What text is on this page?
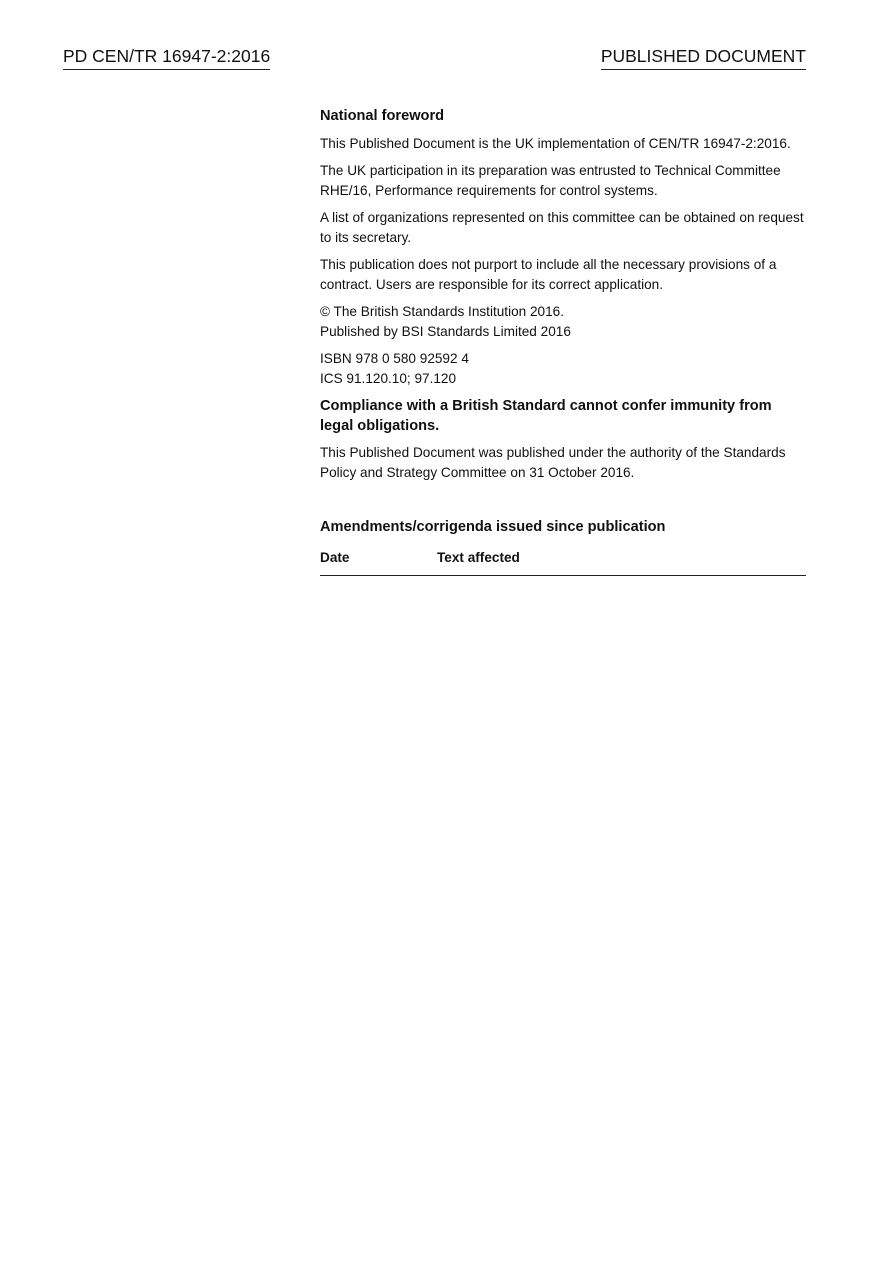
PD CEN/TR 16947-2:2016	PUBLISHED DOCUMENT
National foreword

This Published Document is the UK implementation of CEN/TR 16947-2:2016.

The UK participation in its preparation was entrusted to Technical Committee RHE/16, Performance requirements for control systems.

A list of organizations represented on this committee can be obtained on request to its secretary.

This publication does not purport to include all the necessary provisions of a contract. Users are responsible for its correct application.

© The British Standards Institution 2016.
Published by BSI Standards Limited 2016
ISBN 978 0 580 92592 4
ICS 91.120.10; 97.120
Compliance with a British Standard cannot confer immunity from legal obligations.

This Published Document was published under the authority of the Standards Policy and Strategy Committee on 31 October 2016.

Amendments/corrigenda issued since publication
Date	Text affected
